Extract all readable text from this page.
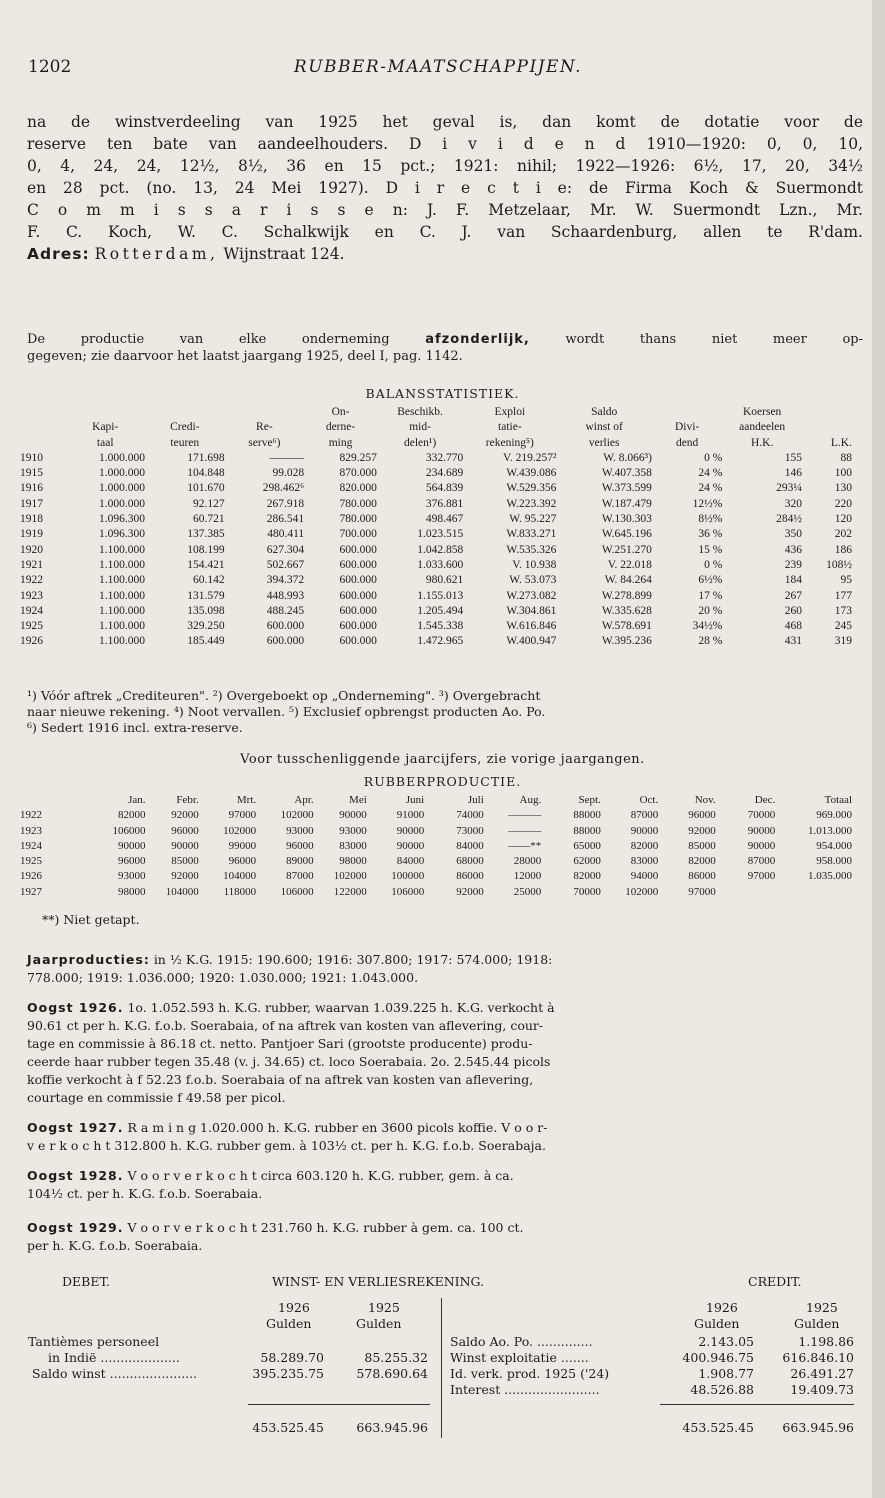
1202	RUBBER-MAATSCHAPPIJEN.
na de winstverdeeling van 1925 het geval is, dan komt de dotatie voor de
reserve ten bate van aandeelhouders. D i v i d e n d 1910—1920: 0, 0, 10,
0, 4, 24, 24, 12½, 8½, 36 en 15 pct.; 1921: nihil; 1922—1926: 6½, 17, 20, 34½
en 28 pct. (no. 13, 24 Mei 1927). D i r e c t i e: de Firma Koch & Suermondt
C o m m i s s a r i s s e n: J. F. Metzelaar, Mr. W. Suermondt Lzn., Mr.
F. C. Koch, W. C. Schalkwijk en C. J. van Schaardenburg, allen te R'dam.
Adres: Rotterdam, Wijnstraat 124.
De productie van elke onderneming	afzonderlijk,	wordt thans niet meer op-
gegeven; zie daarvoor het laatst jaargang 1925, deel I, pag. 1142.
BALANSSTATISTIEK.
				On-	Beschikb.	Exploi	Saldo		Koersen	
	Kapi-	Credi-	Re-	derne-	mid-	tatie-	winst of	Divi-	aandeelen	
	taal	teuren	serve⁶)	ming	delen¹)	rekening⁵)	verlies	dend	H.K.	L.K.
1910	1.000.000	171.698	———	829.257	332.770	V. 219.257²	W. 8.066³)	0 %	155	88
1915	1.000.000	104.848	99.028	870.000	234.689	W.439.086	W.407.358	24 %	146	100
1916	1.000.000	101.670	298.462⁶	820.000	564.839	W.529.356	W.373.599	24 %	293¼	130
1917	1.000.000	92.127	267.918	780.000	376.881	W.223.392	W.187.479	12½%	320	220
1918	1.096.300	60.721	286.541	780.000	498.467	W. 95.227	W.130.303	8½%	284½	120
1919	1.096.300	137.385	480.411	700.000	1.023.515	W.833.271	W.645.196	36 %	350	202
1920	1.100.000	108.199	627.304	600.000	1.042.858	W.535.326	W.251.270	15 %	436	186
1921	1.100.000	154.421	502.667	600.000	1.033.600	V. 10.938	V. 22.018	0 %	239	108½
1922	1.100.000	60.142	394.372	600.000	980.621	W. 53.073	W. 84.264	6½%	184	95
1923	1.100.000	131.579	448.993	600.000	1.155.013	W.273.082	W.278.899	17 %	267	177
1924	1.100.000	135.098	488.245	600.000	1.205.494	W.304.861	W.335.628	20 %	260	173
1925	1.100.000	329.250	600.000	600.000	1.545.338	W.616.846	W.578.691	34½%	468	245
1926	1.100.000	185.449	600.000	600.000	1.472.965	W.400.947	W.395.236	28 %	431	319
¹) Vóór aftrek „Crediteuren". ²) Overgeboekt op „Onderneming". ³) Overgebracht
naar nieuwe rekening. ⁴) Noot vervallen. ⁵) Exclusief opbrengst producten Ao. Po.
⁶) Sedert 1916 incl. extra-reserve.
Voor tusschenliggende jaarcijfers, zie vorige jaargangen.
RUBBERPRODUCTIE.
	Jan.	Febr.	Mrt.	Apr.	Mei	Juni	Juli	Aug.	Sept.	Oct.	Nov.	Dec.	Totaal
1922	82000	92000	97000	102000	90000	91000	74000	———	88000	87000	96000	70000	969.000
1923	106000	96000	102000	93000	93000	90000	73000	———	88000	90000	92000	90000	1.013.000
1924	90000	90000	99000	96000	83000	90000	84000	——**	65000	82000	85000	90000	954.000
1925	96000	85000	96000	89000	98000	84000	68000	28000	62000	83000	82000	87000	958.000
1926	93000	92000	104000	87000	102000	100000	86000	12000	82000	94000	86000	97000	1.035.000
1927	98000	104000	118000	106000	122000	106000	92000	25000	70000	102000	97000		
**) Niet getapt.
Jaarproducties: in ½ K.G. 1915: 190.600; 1916: 307.800; 1917: 574.000; 1918:
778.000; 1919: 1.036.000; 1920: 1.030.000; 1921: 1.043.000.
Oogst 1926. 1o. 1.052.593 h. K.G. rubber, waarvan 1.039.225 h. K.G. verkocht à
90.61 ct per h. K.G. f.o.b. Soerabaia, of na aftrek van kosten van aflevering, cour-
tage en commissie à 86.18 ct. netto. Pantjoer Sari (grootste producente) produ-
ceerde haar rubber tegen 35.48 (v. j. 34.65) ct. loco Soerabaia. 2o. 2.545.44 picols
koffie verkocht à f 52.23 f.o.b. Soerabaia of na aftrek van kosten van aflevering,
courtage en commissie f 49.58 per picol.
Oogst 1927. R a m i n g 1.020.000 h. K.G. rubber en 3600 picols koffie. V o o r-
v e r k o c h t 312.800 h. K.G. rubber gem. à 103½ ct. per h. K.G. f.o.b. Soerabaja.
Oogst 1928. V o o r v e r k o c h t circa 603.120 h. K.G. rubber, gem. à ca.
104½ ct. per h. K.G. f.o.b. Soerabaia.
Oogst 1929. V o o r v e r k o c h t 231.760 h. K.G. rubber à gem. ca. 100 ct.
per h. K.G. f.o.b. Soerabaia.
DEBET.	WINST- EN VERLIESREKENING.	CREDIT.
1926	1925
Gulden	Gulden
1926	1925
Gulden	Gulden
Tantièmes personeel
in Indië ....................	58.289.70	85.255.32
Saldo winst ......................	395.235.75	578.690.64
Saldo Ao. Po. ..............	2.143.05	1.198.86
Winst exploitatie .......	400.946.75	616.846.10
Id. verk. prod. 1925 ('24)	1.908.77	26.491.27
Interest ........................	48.526.88	19.409.73
453.525.45	663.945.96	453.525.45	663.945.96
